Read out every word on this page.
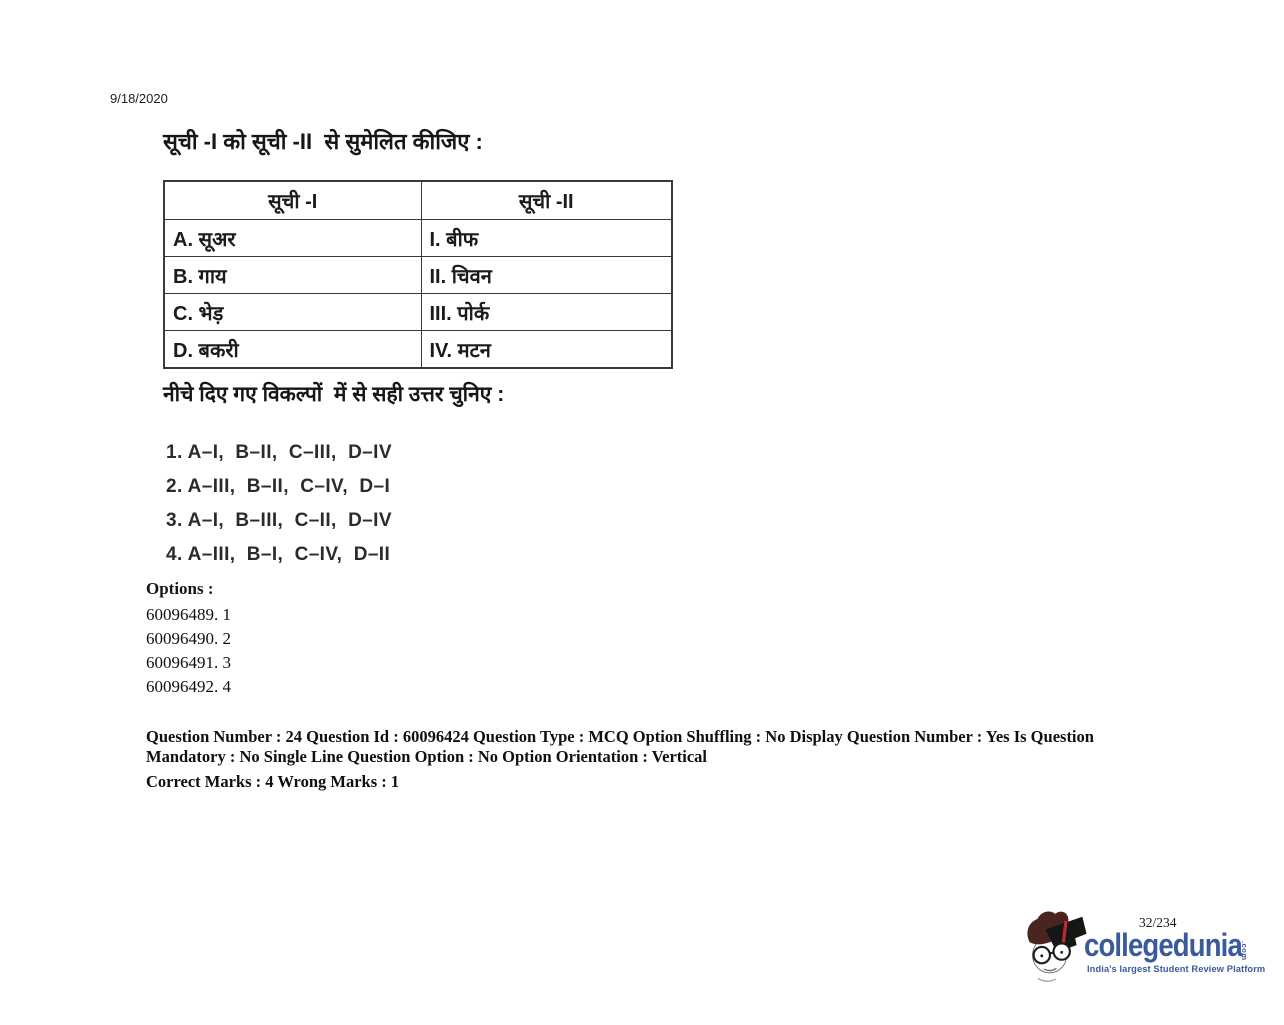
9/18/2020
सूची -I को सूची -II  से सुमेलित कीजिए :
सूची -I	सूची -II
A. सूअर	I. बीफ
B. गाय	II. चिवन
C. भेड़	III. पोर्क
D. बकरी	IV. मटन
नीचे दिए गए विकल्पों  में से सही उत्तर चुनिए :
1. A–I,  B–II,  C–III,  D–IV
2. A–III,  B–II,  C–IV,  D–I
3. A–I,  B–III,  C–II,  D–IV
4. A–III,  B–I,  C–IV,  D–II
Options :
60096489. 1
60096490. 2
60096491. 3
60096492. 4
Question Number : 24 Question Id : 60096424 Question Type : MCQ Option Shuffling : No Display Question Number : Yes Is Question Mandatory : No Single Line Question Option : No Option Orientation : Vertical
Correct Marks : 4 Wrong Marks : 1
32/234
collegedunia
.com
India's largest Student Review Platform
